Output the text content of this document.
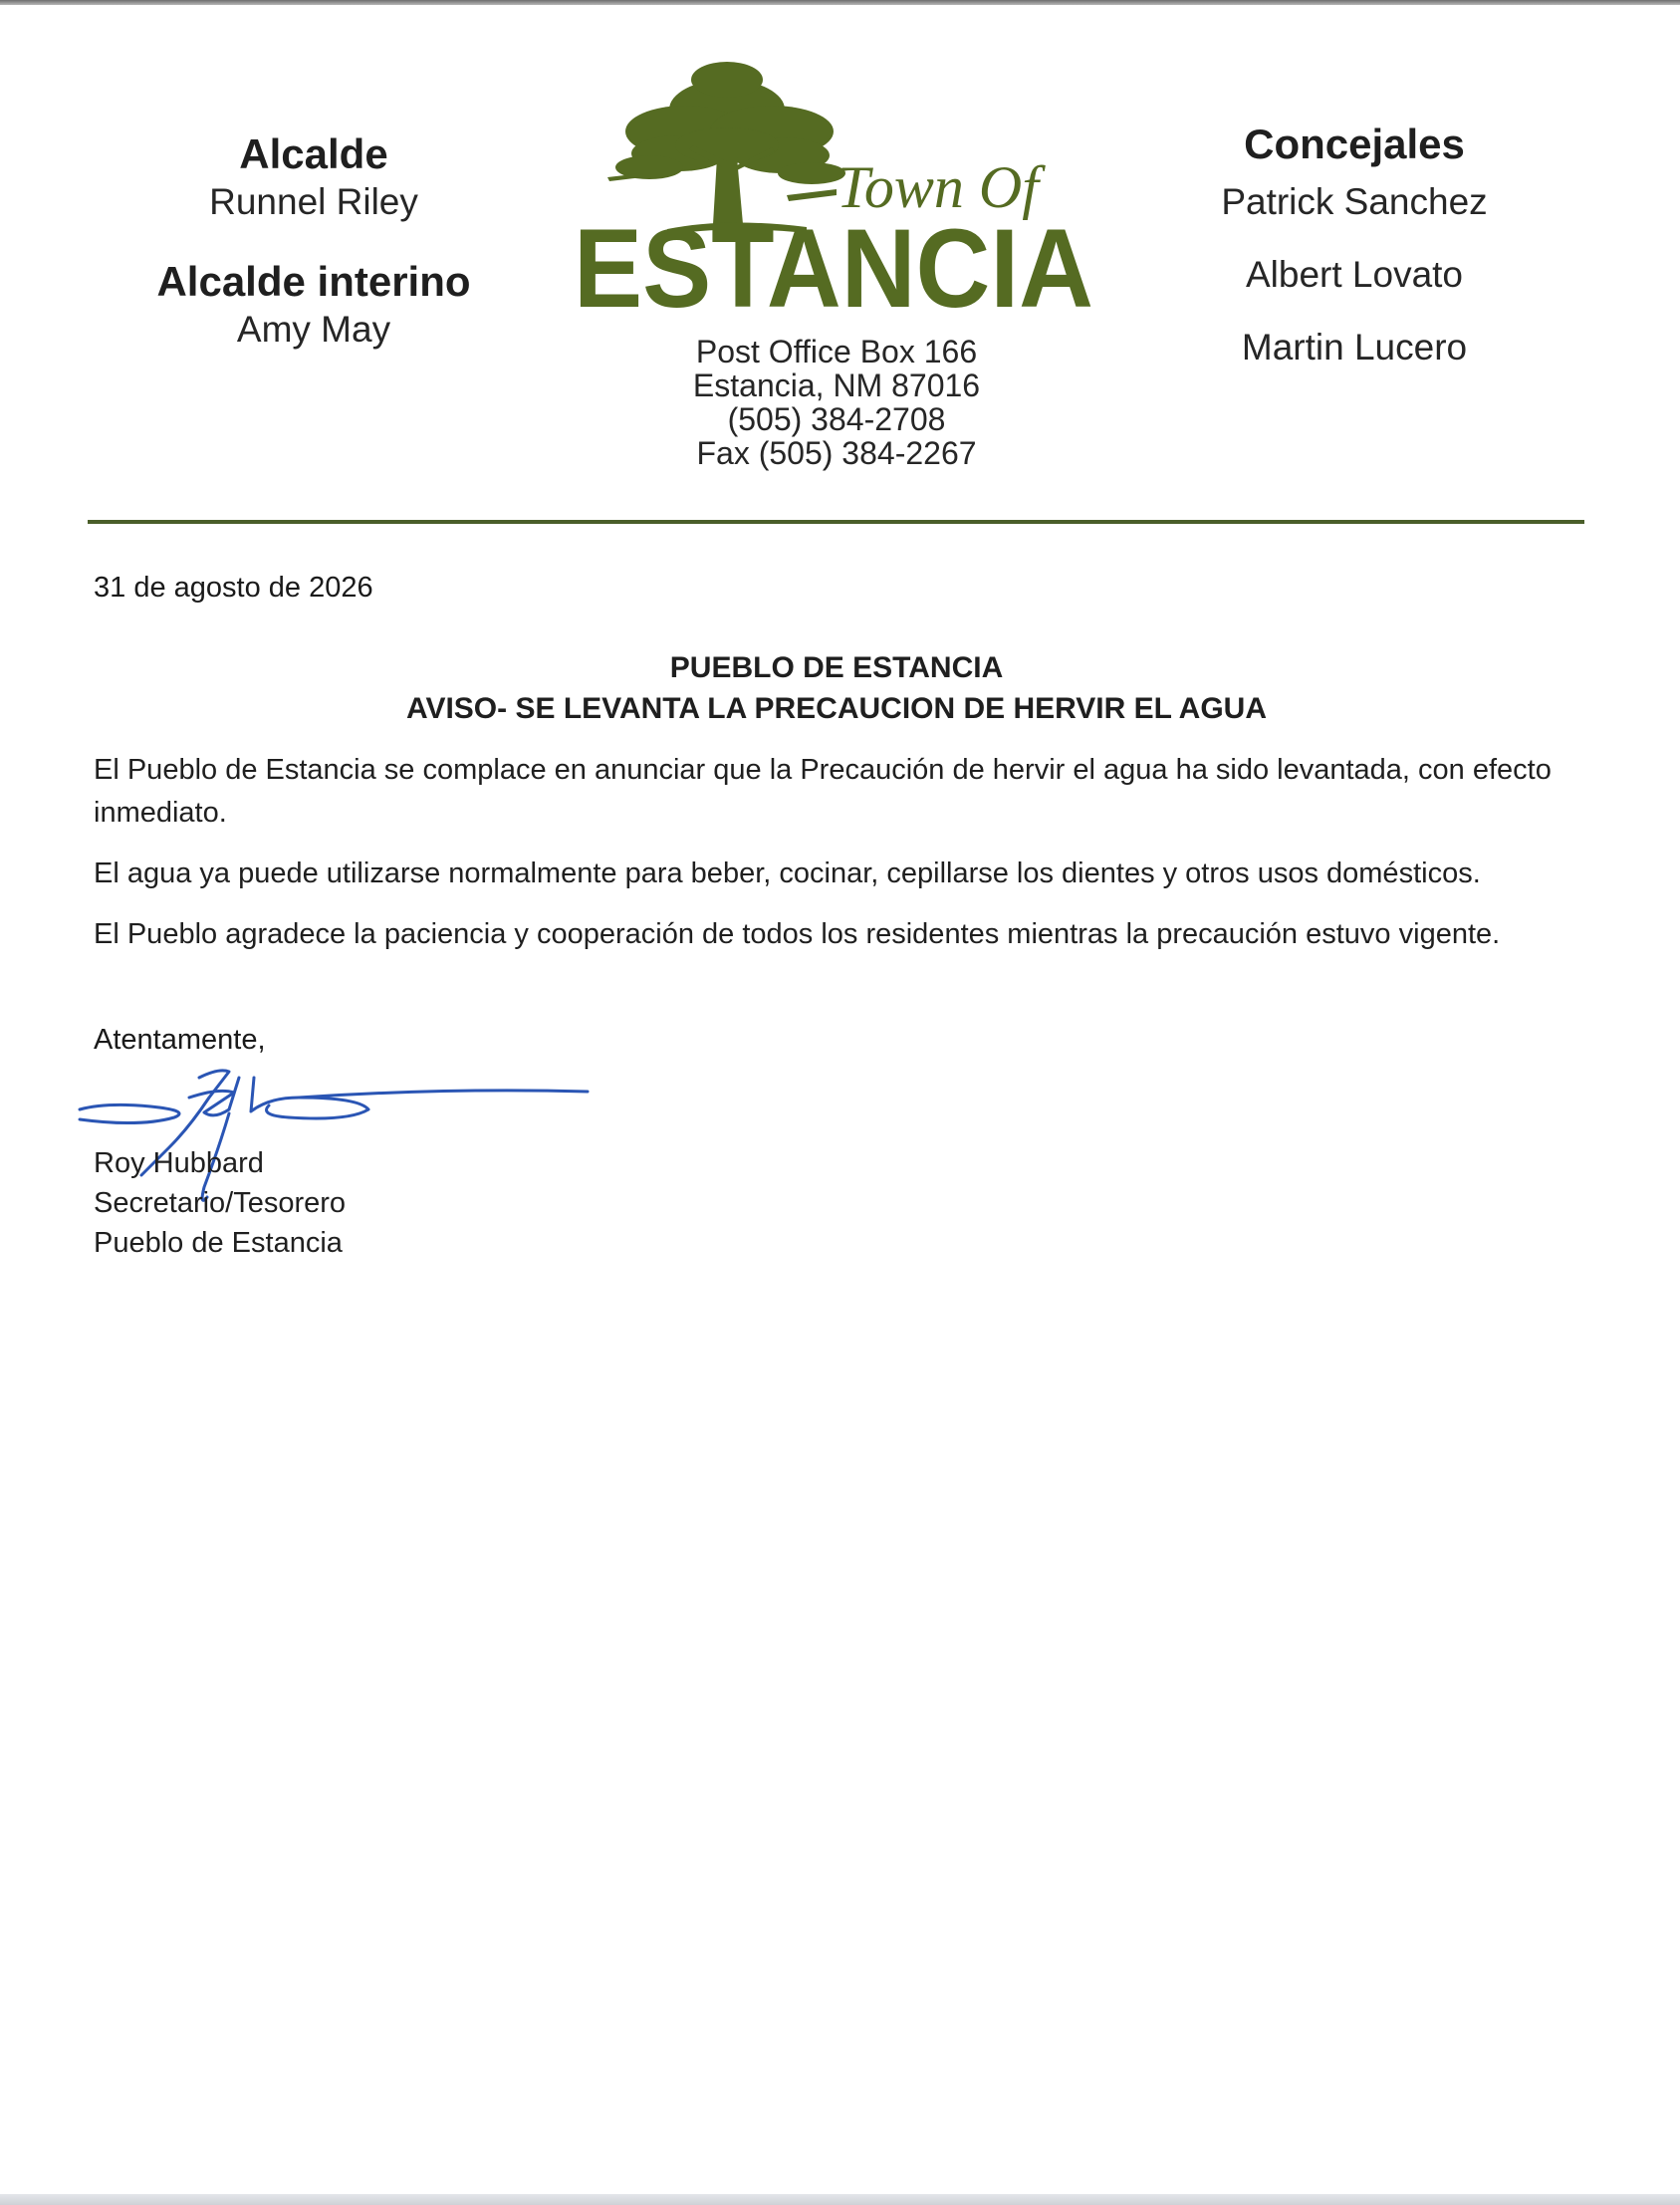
Alcalde
Runnel Riley
Alcalde interino
Amy May
Town Of
ESTANCIA
Concejales
Patrick Sanchez
Albert Lovato
Martin Lucero
Post Office Box 166
Estancia, NM 87016
(505) 384-2708
Fax (505) 384-2267
31 de agosto de 2026
PUEBLO DE ESTANCIA
AVISO- SE LEVANTA LA PRECAUCION DE HERVIR EL AGUA

El Pueblo de Estancia se complace en anunciar que la Precaución de hervir el agua ha sido levantada, con efecto inmediato.

El agua ya puede utilizarse normalmente para beber, cocinar, cepillarse los dientes y otros usos domésticos.

El Pueblo agradece la paciencia y cooperación de todos los residentes mientras la precaución estuvo vigente.

Atentamente,
Roy Hubbard
Secretario/Tesorero
Pueblo de Estancia
